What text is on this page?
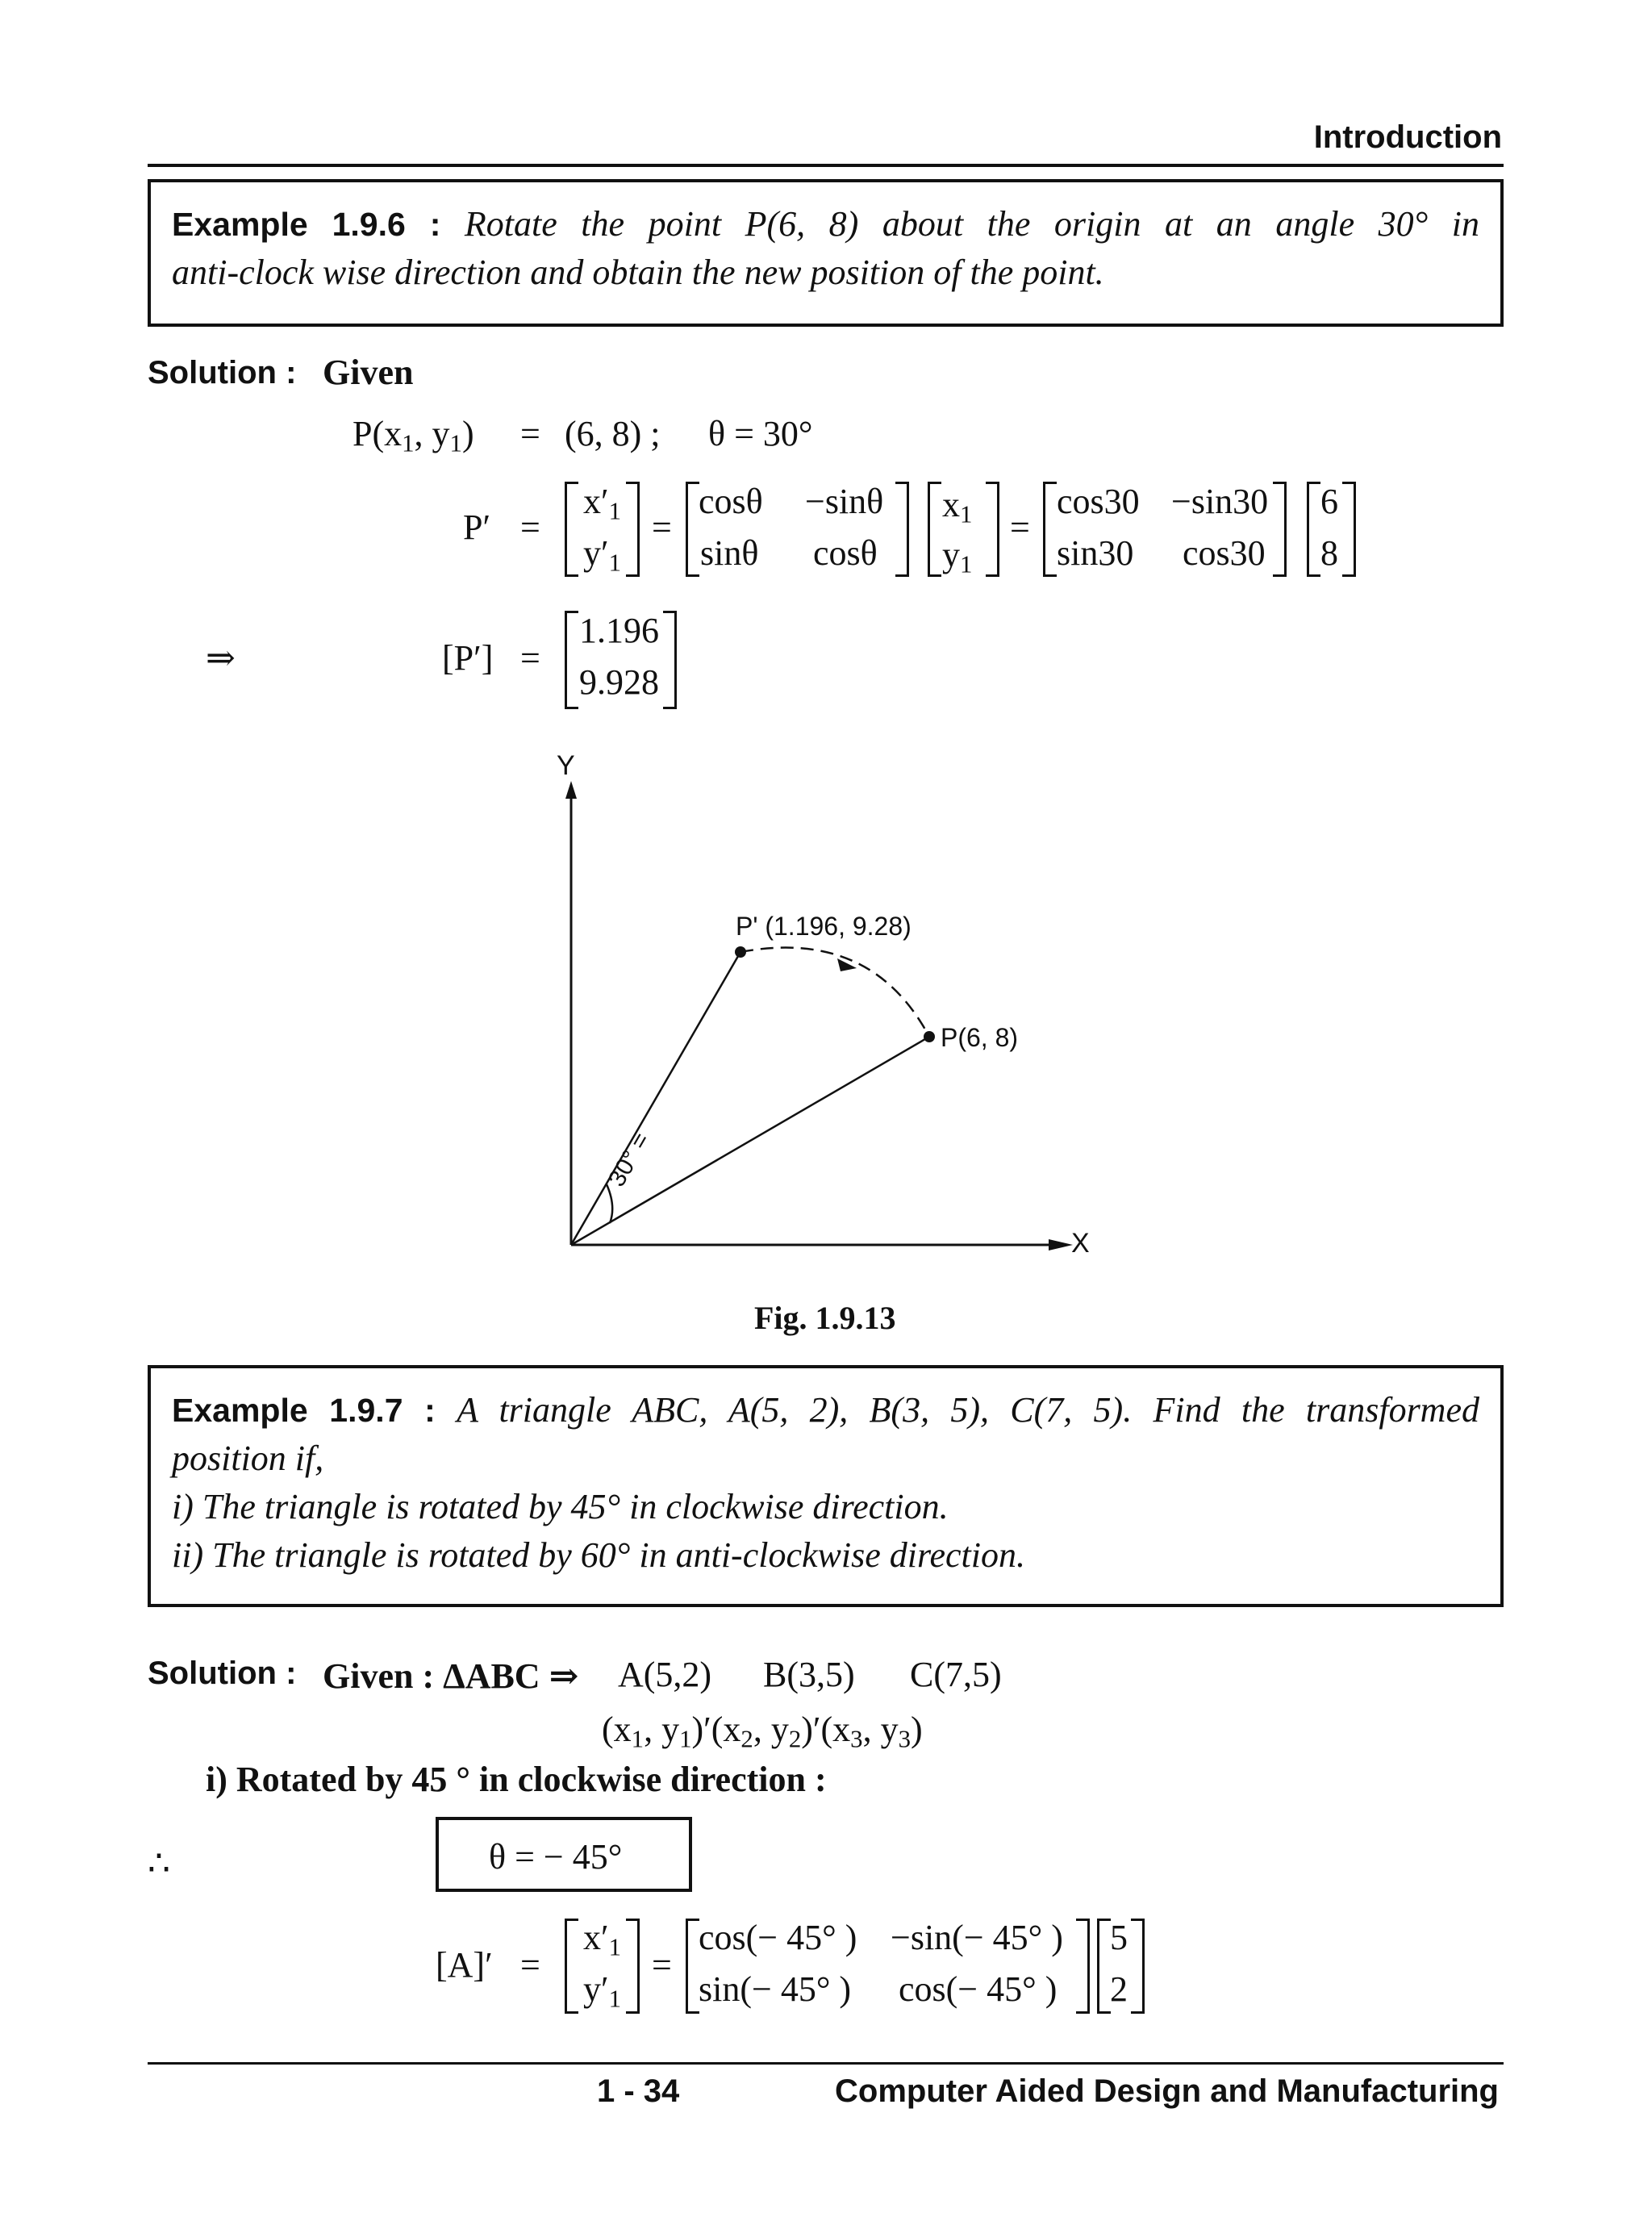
Introduction
Example 1.9.6 : Rotate the point P(6, 8) about the origin at an angle 30° in
anti-clock wise direction and obtain the new position of the point.
Solution : Given
$P(x_1$, $y_1) = (6$, 8) ; θ = 30°
P′ =
$x'_1$
$y'_1$
=
cosθ −sinθ
sinθ cosθ
$x_1$
$y_1$
=
cos30 −sin30
sin30 cos30
6
8
⇒	[P′] =
1.196
9.928
Y
X
P' (1.196, 9.28)
P(6, 8)
30° =
Fig. 1.9.13
Example 1.9.7 : A triangle ABC, A(5, 2), B(3, 5), C(7, 5). Find the transformed
position if,
i) The triangle is rotated by 45° in clockwise direction.
ii) The triangle is rotated by 60° in anti-clockwise direction.
Solution : Given : ΔABC ⇒ A(5,2) B(3,5) C(7,5)
($x_1$, $y_1)'(x_2$, $y_2)'(x_3$, $y_3$)
i) Rotated by 45 ° in clockwise direction :
∴	θ = − 45°
[A]′ =
$x'_1$
$y'_1$
=
cos(− 45° ) −sin(− 45° )
sin(− 45° ) cos(− 45° )
5
2
1 - 34	Computer Aided Design and Manufacturing
